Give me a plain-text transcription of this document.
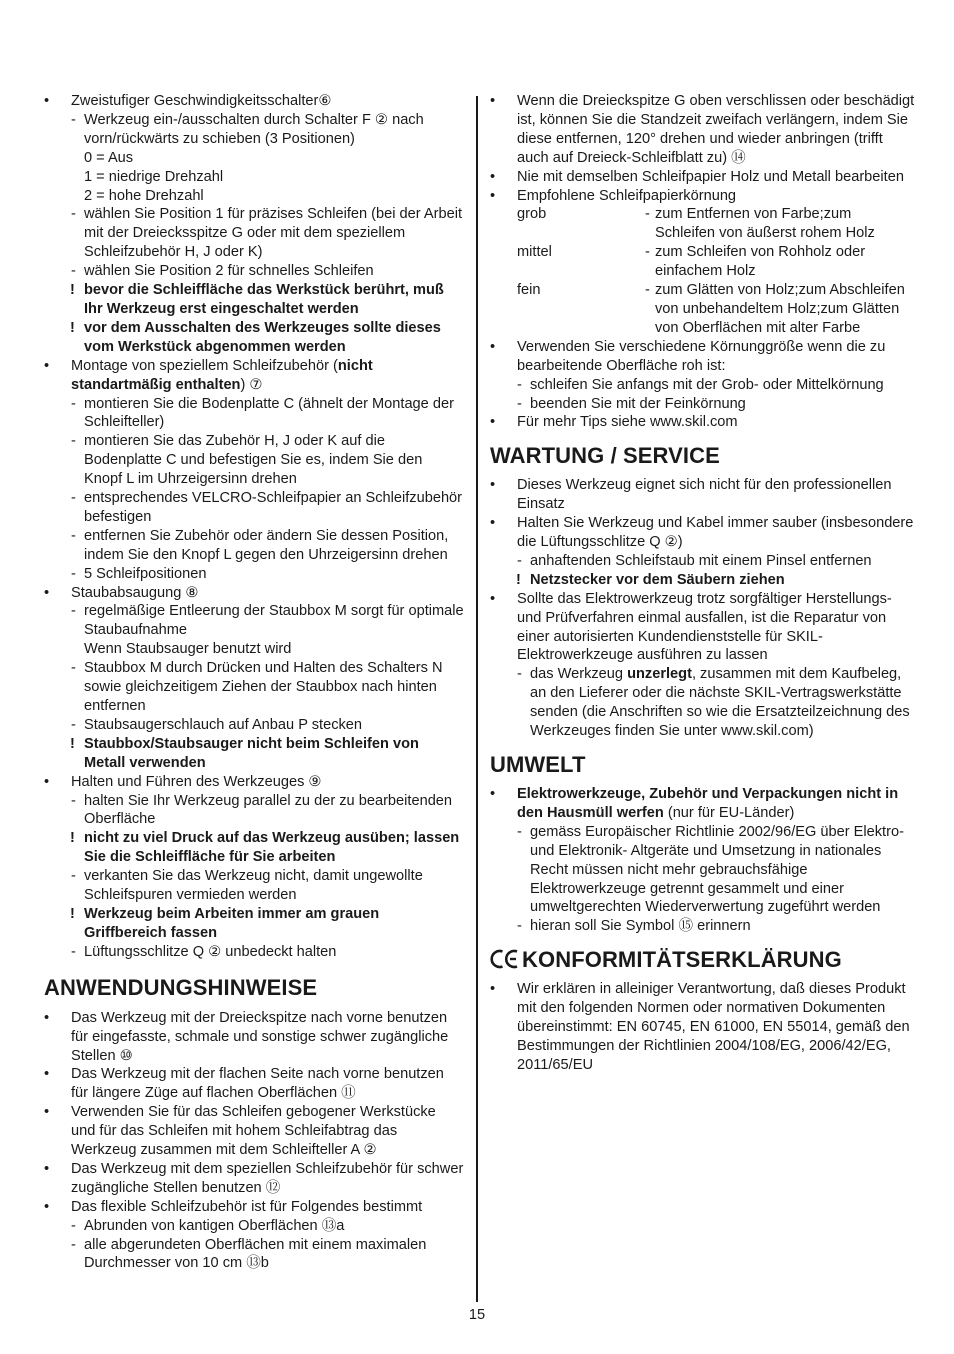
• Zweistufiger Geschwindigkeitsschalter⑥
- Werkzeug ein-/ausschalten durch Schalter F ② nach vorn/rückwärts zu schieben (3 Positionen)
0 = Aus
1 = niedrige Drehzahl
2 = hohe Drehzahl
- wählen Sie Position 1 für präzises Schleifen (bei der Arbeit mit der Dreiecksspitze G oder mit dem speziellem Schleifzubehör H, J oder K)
- wählen Sie Position 2 für schnelles Schleifen
! bevor die Schleiffläche das Werkstück berührt, muß Ihr Werkzeug erst eingeschaltet werden
! vor dem Ausschalten des Werkzeuges sollte dieses vom Werkstück abgenommen werden
• Montage von speziellem Schleifzubehör (nicht standartmäßig enthalten) ⑦
- montieren Sie die Bodenplatte C (ähnelt der Montage der Schleifteller)
- montieren Sie das Zubehör H, J oder K auf die Bodenplatte C und befestigen Sie es, indem Sie den Knopf L im Uhrzeigersinn drehen
- entsprechendes VELCRO-Schleifpapier an Schleifzubehör befestigen
- entfernen Sie Zubehör oder ändern Sie dessen Position, indem Sie den Knopf L gegen den Uhrzeigersinn drehen
- 5 Schleifpositionen
• Staubabsaugung ⑧
- regelmäßige Entleerung der Staubbox M sorgt für optimale Staubaufnahme
Wenn Staubsauger benutzt wird
- Staubbox M durch Drücken und Halten des Schalters N sowie gleichzeitigem Ziehen der Staubbox nach hinten entfernen
- Staubsaugerschlauch auf Anbau P stecken
! Staubbox/Staubsauger nicht beim Schleifen von Metall verwenden
• Halten und Führen des Werkzeuges ⑨
- halten Sie Ihr Werkzeug parallel zu der zu bearbeitenden Oberfläche
! nicht zu viel Druck auf das Werkzeug ausüben; lassen Sie die Schleiffläche für Sie arbeiten
- verkanten Sie das Werkzeug nicht, damit ungewollte Schleifspuren vermieden werden
! Werkzeug beim Arbeiten immer am grauen Griffbereich fassen
- Lüftungsschlitze Q ② unbedeckt halten
ANWENDUNGSHINWEISE
• Das Werkzeug mit der Dreieckspitze nach vorne benutzen für eingefasste, schmale und sonstige schwer zugängliche Stellen ⑩
• Das Werkzeug mit der flachen Seite nach vorne benutzen für längere Züge auf flachen Oberflächen ⑪
• Verwenden Sie für das Schleifen gebogener Werkstücke und für das Schleifen mit hohem Schleifabtrag das Werkzeug zusammen mit dem Schleifteller A ②
• Das Werkzeug mit dem speziellen Schleifzubehör für schwer zugängliche Stellen benutzen ⑫
• Das flexible Schleifzubehör ist für Folgendes bestimmt
- Abrunden von kantigen Oberflächen ⑬a
- alle abgerundeten Oberflächen mit einem maximalen Durchmesser von 10 cm ⑬b
• Wenn die Dreieckspitze G oben verschlissen oder beschädigt ist, können Sie die Standzeit zweifach verlängern, indem Sie diese entfernen, 120° drehen und wieder anbringen (trifft auch auf Dreieck-Schleifblatt zu) ⑭
• Nie mit demselben Schleifpapier Holz und Metall bearbeiten
• Empfohlene Schleifpapierkörnung
grob	- zum Entfernen von Farbe;zum Schleifen von äußerst rohem Holz
mittel	- zum Schleifen von Rohholz oder einfachem Holz
fein	- zum Glätten von Holz;zum Abschleifen von unbehandeltem Holz;zum Glätten von Oberflächen mit alter Farbe
• Verwenden Sie verschiedene Körnunggröße wenn die zu bearbeitende Oberfläche roh ist:
- schleifen Sie anfangs mit der Grob- oder Mittelkörnung
- beenden Sie mit der Feinkörnung
• Für mehr Tips siehe www.skil.com
WARTUNG / SERVICE
• Dieses Werkzeug eignet sich nicht für den professionellen Einsatz
• Halten Sie Werkzeug und Kabel immer sauber (insbesondere die Lüftungsschlitze Q ②)
- anhaftenden Schleifstaub mit einem Pinsel entfernen
! Netzstecker vor dem Säubern ziehen
• Sollte das Elektrowerkzeug trotz sorgfältiger Herstellungs- und Prüfverfahren einmal ausfallen, ist die Reparatur von einer autorisierten Kundendienststelle für SKIL-Elektrowerkzeuge ausführen zu lassen
- das Werkzeug unzerlegt, zusammen mit dem Kaufbeleg, an den Lieferer oder die nächste SKIL-Vertragswerkstätte senden (die Anschriften so wie die Ersatzteilzeichnung des Werkzeuges finden Sie unter www.skil.com)
UMWELT
• Elektrowerkzeuge, Zubehör und Verpackungen nicht in den Hausmüll werfen (nur für EU-Länder)
- gemäss Europäischer Richtlinie 2002/96/EG über Elektro- und Elektronik- Altgeräte und Umsetzung in nationales Recht müssen nicht mehr gebrauchsfähige Elektrowerkzeuge getrennt gesammelt und einer umweltgerechten Wiederverwertung zugeführt werden
- hieran soll Sie Symbol ⑮ erinnern
KONFORMITÄTSERKLÄRUNG
• Wir erklären in alleiniger Verantwortung, daß dieses Produkt mit den folgenden Normen oder normativen Dokumenten übereinstimmt: EN 60745, EN 61000, EN 55014, gemäß den Bestimmungen der Richtlinien 2004/108/EG, 2006/42/EG, 2011/65/EU
15
